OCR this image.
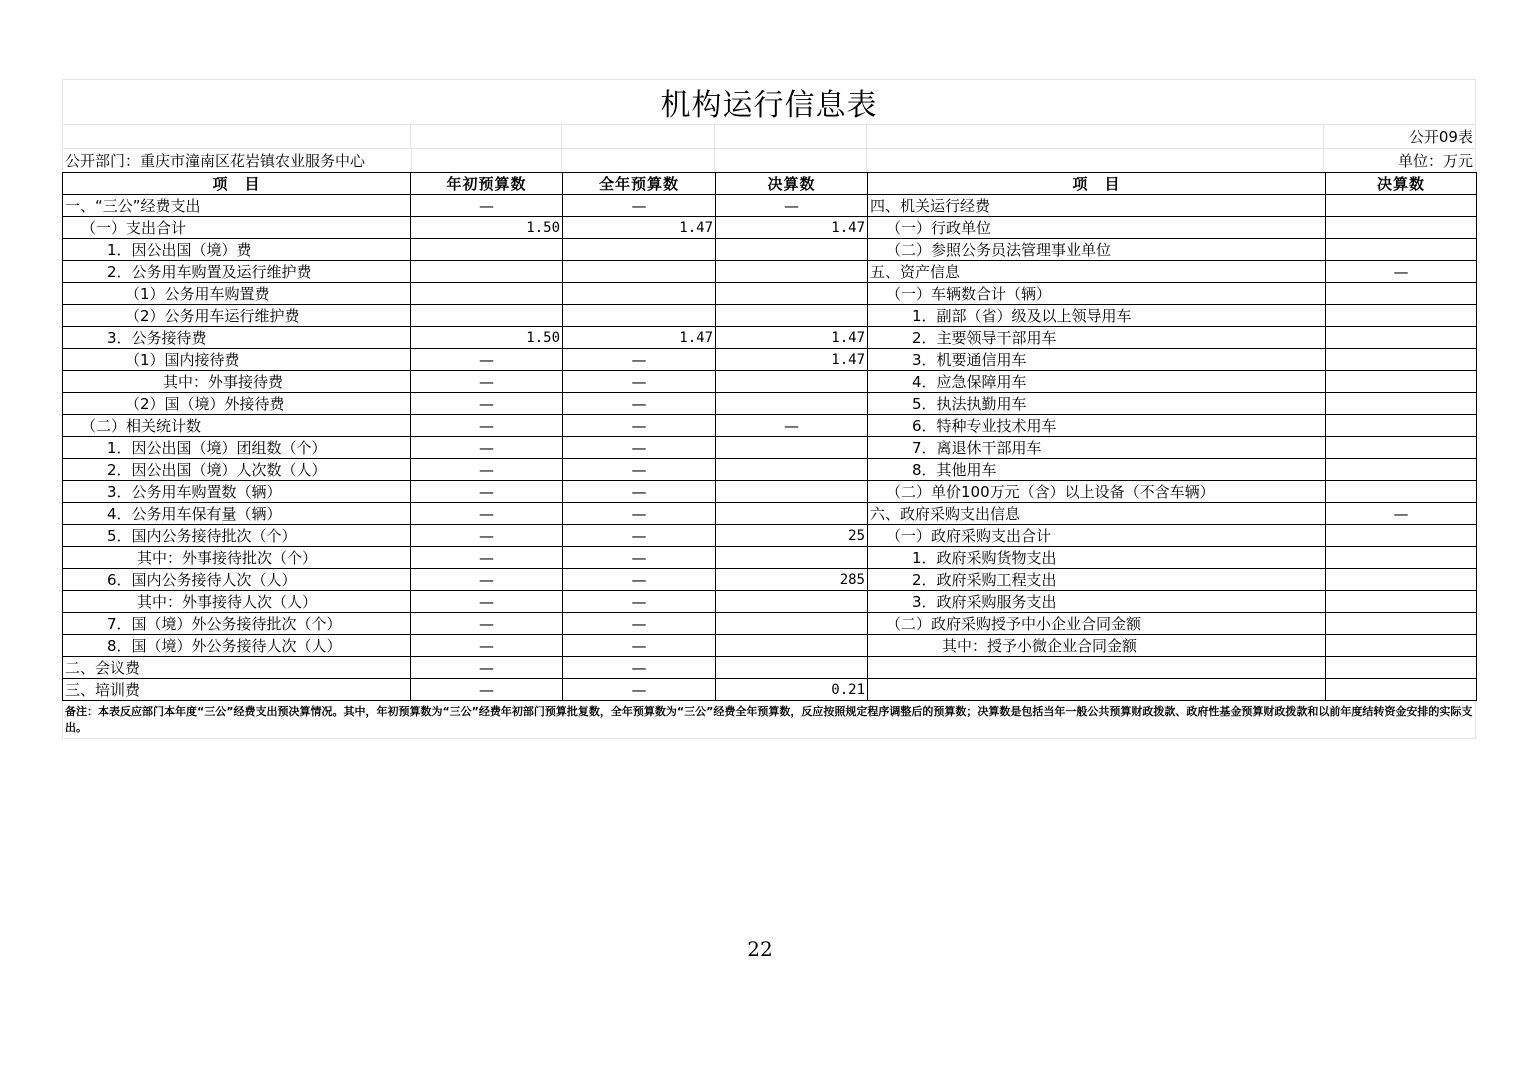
机构运行信息表
公开09表
公开部门：重庆市潼南区花岩镇农业服务中心	单位：万元
项　目	年初预算数	全年预算数	决算数	项　目	决算数
一、“三公”经费支出	—	—	—	四、机关运行经费	
（一）支出合计	1.50	1.47	1.47	（一）行政单位	
1．因公出国（境）费				（二）参照公务员法管理事业单位	
2．公务用车购置及运行维护费				五、资产信息	—
（1）公务用车购置费				（一）车辆数合计（辆）	
（2）公务用车运行维护费				1．副部（省）级及以上领导用车	
3．公务接待费	1.50	1.47	1.47	2．主要领导干部用车	
（1）国内接待费	—	—	1.47	3．机要通信用车	
其中：外事接待费	—	—		4．应急保障用车	
（2）国（境）外接待费	—	—		5．执法执勤用车	
（二）相关统计数	—	—	—	6．特种专业技术用车	
1．因公出国（境）团组数（个）	—	—		7．离退休干部用车	
2．因公出国（境）人次数（人）	—	—		8．其他用车	
3．公务用车购置数（辆）	—	—		（二）单价100万元（含）以上设备（不含车辆）	
4．公务用车保有量（辆）	—	—		六、政府采购支出信息	—
5．国内公务接待批次（个）	—	—	25	（一）政府采购支出合计	
其中：外事接待批次（个）	—	—		1．政府采购货物支出	
6．国内公务接待人次（人）	—	—	285	2．政府采购工程支出	
其中：外事接待人次（人）	—	—		3．政府采购服务支出	
7．国（境）外公务接待批次（个）	—	—		（二）政府采购授予中小企业合同金额	
8．国（境）外公务接待人次（人）	—	—		其中：授予小微企业合同金额	
二、会议费	—	—			
三、培训费	—	—	0.21		
备注：本表反应部门本年度“三公”经费支出预决算情况。其中，年初预算数为“三公”经费年初部门预算批复数，全年预算数为“三公”经费全年预算数，反应按照规定程序调整后的预算数；决算数是包括当年一般公共预算财政拨款、政府性基金预算财政拨款和以前年度结转资金安排的实际支出。
22
